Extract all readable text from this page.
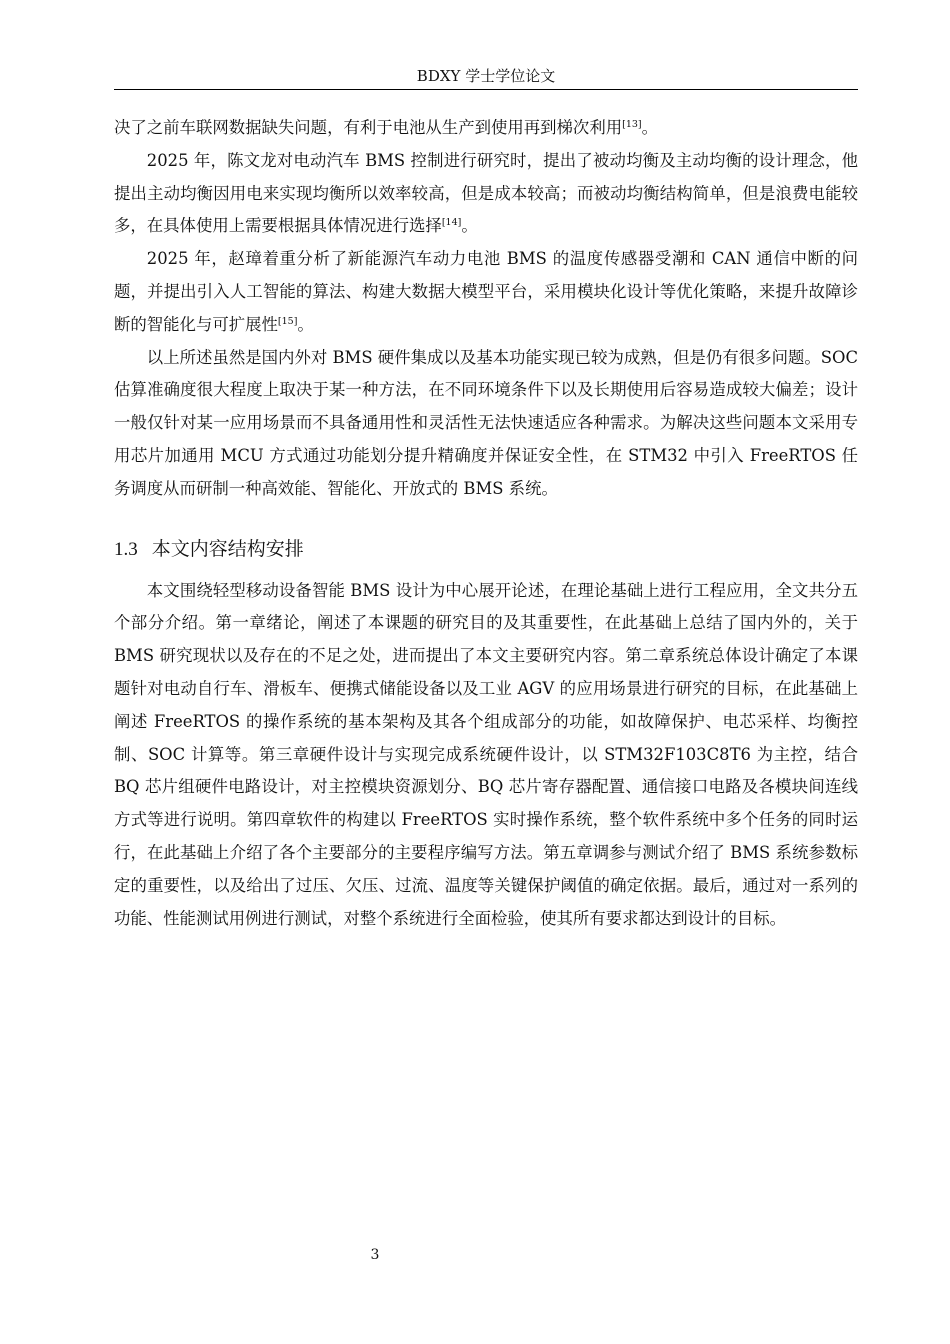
BDXY 学士学位论文

决了之前车联网数据缺失问题，有利于电池从生产到使用再到梯次利用[13]。

2025 年，陈文龙对电动汽车 BMS 控制进行研究时，提出了被动均衡及主动均衡的设计理念，他提出主动均衡因用电来实现均衡所以效率较高，但是成本较高；而被动均衡结构简单，但是浪费电能较多，在具体使用上需要根据具体情况进行选择[14]。

2025 年，赵璋着重分析了新能源汽车动力电池 BMS 的温度传感器受潮和 CAN 通信中断的问题，并提出引入人工智能的算法、构建大数据大模型平台，采用模块化设计等优化策略，来提升故障诊断的智能化与可扩展性[15]。

以上所述虽然是国内外对 BMS 硬件集成以及基本功能实现已较为成熟，但是仍有很多问题。SOC 估算准确度很大程度上取决于某一种方法，在不同环境条件下以及长期使用后容易造成较大偏差；设计一般仅针对某一应用场景而不具备通用性和灵活性无法快速适应各种需求。为解决这些问题本文采用专用芯片加通用 MCU 方式通过功能划分提升精确度并保证安全性，在 STM32 中引入 FreeRTOS 任务调度从而研制一种高效能、智能化、开放式的 BMS 系统。

1.3 本文内容结构安排

本文围绕轻型移动设备智能 BMS 设计为中心展开论述，在理论基础上进行工程应用，全文共分五个部分介绍。第一章绪论，阐述了本课题的研究目的及其重要性，在此基础上总结了国内外的，关于 BMS 研究现状以及存在的不足之处，进而提出了本文主要研究内容。第二章系统总体设计确定了本课题针对电动自行车、滑板车、便携式储能设备以及工业 AGV 的应用场景进行研究的目标，在此基础上阐述 FreeRTOS 的操作系统的基本架构及其各个组成部分的功能，如故障保护、电芯采样、均衡控制、SOC 计算等。第三章硬件设计与实现完成系统硬件设计，以 STM32F103C8T6 为主控，结合 BQ 芯片组硬件电路设计，对主控模块资源划分、BQ 芯片寄存器配置、通信接口电路及各模块间连线方式等进行说明。第四章软件的构建以 FreeRTOS 实时操作系统，整个软件系统中多个任务的同时运行，在此基础上介绍了各个主要部分的主要程序编写方法。第五章调参与测试介绍了 BMS 系统参数标定的重要性，以及给出了过压、欠压、过流、温度等关键保护阈值的确定依据。最后，通过对一系列的功能、性能测试用例进行测试，对整个系统进行全面检验，使其所有要求都达到设计的目标。

3
